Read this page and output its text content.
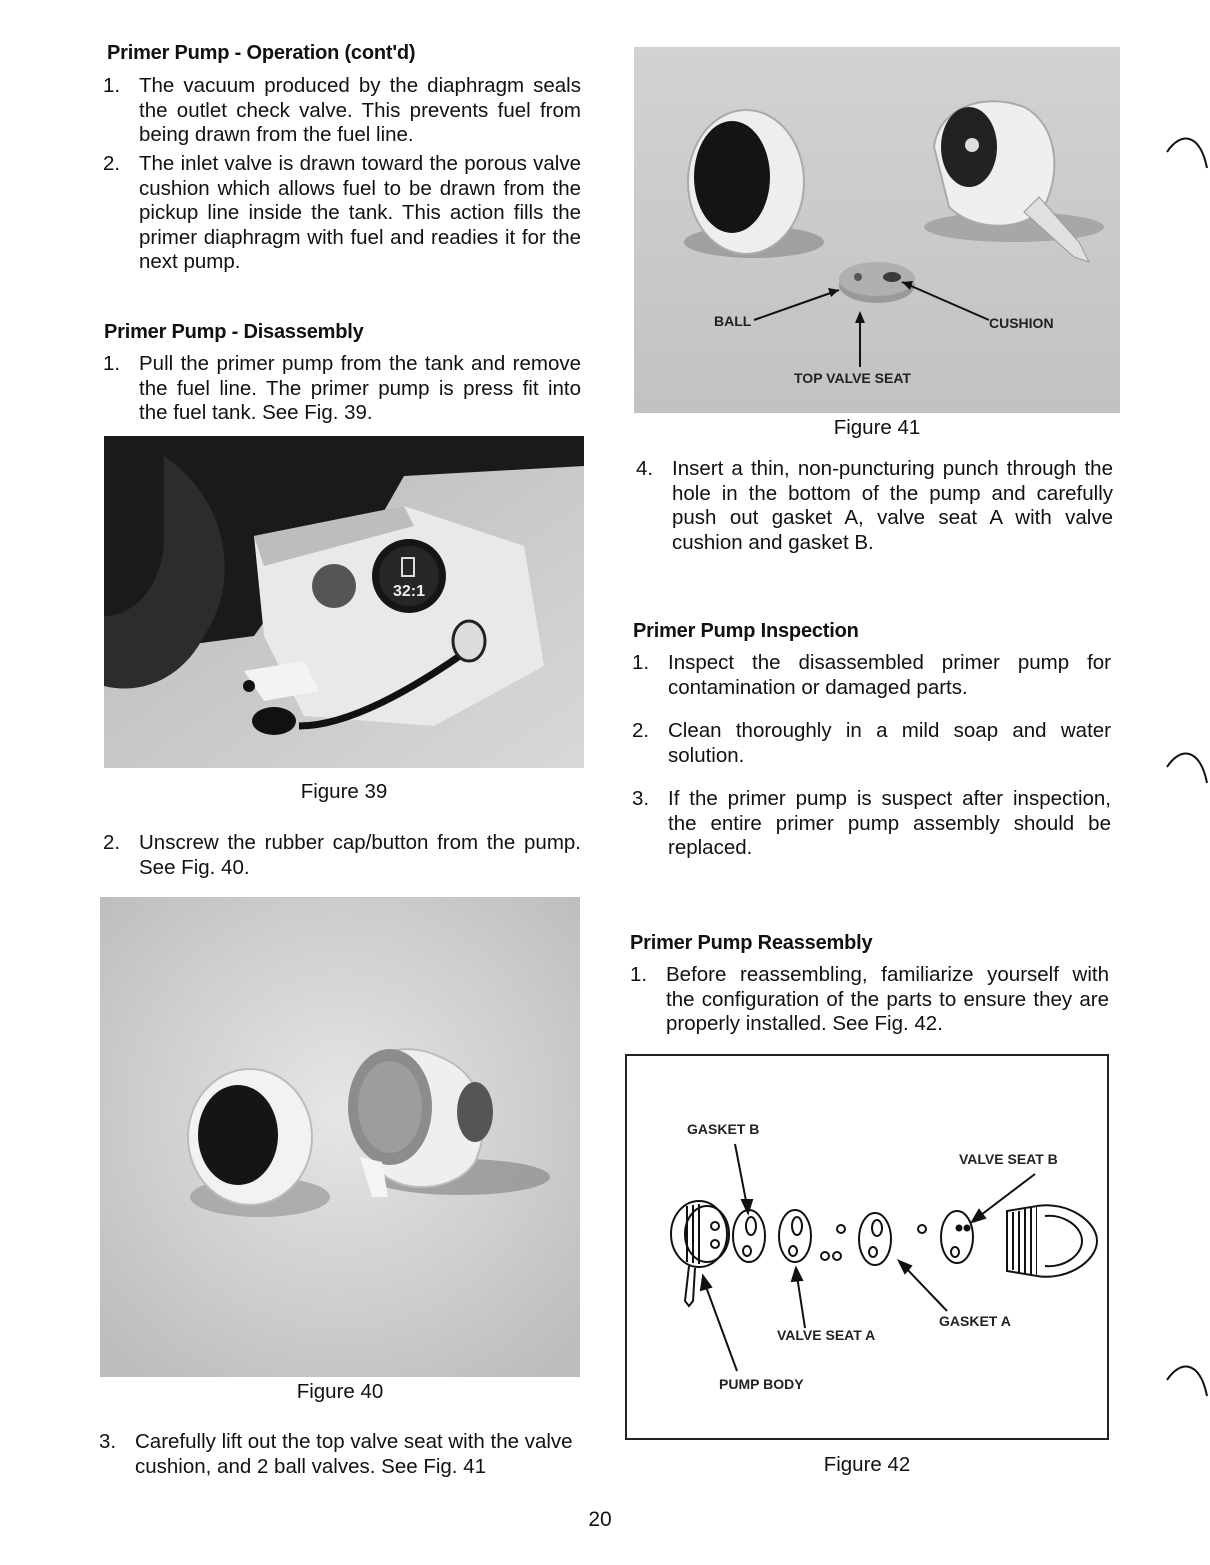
Primer Pump - Operation (cont'd)
1. The vacuum produced by the diaphragm seals the outlet check valve. This prevents fuel from being drawn from the fuel line.
2. The inlet valve is drawn toward the porous valve cushion which allows fuel to be drawn from the pickup line inside the tank. This action fills the primer diaphragm with fuel and readies it for the next pump.
Primer Pump - Disassembly
1. Pull the primer pump from the tank and remove the fuel line. The primer pump is press fit into the fuel tank. See Fig. 39.
32:1
Figure 39
2. Unscrew the rubber cap/button from the pump. See Fig. 40.
Figure 40
3. Carefully lift out the top valve seat with the valve cushion, and 2 ball valves. See Fig. 41
BALL	CUSHION
TOP VALVE SEAT
Figure 41
4. Insert a thin, non-puncturing punch through the hole in the bottom of the pump and carefully push out gasket A, valve seat A with valve cushion and gasket B.
Primer Pump Inspection
1. Inspect the disassembled primer pump for contamination or damaged parts.
2. Clean thoroughly in a mild soap and water solution.
3. If the primer pump is suspect after inspection, the entire primer pump assembly should be replaced.
Primer Pump Reassembly
1. Before reassembling, familiarize yourself with the configuration of the parts to ensure they are properly installed. See Fig. 42.
GASKET B
VALVE SEAT B
GASKET A
VALVE SEAT A
PUMP BODY
Figure 42
20
